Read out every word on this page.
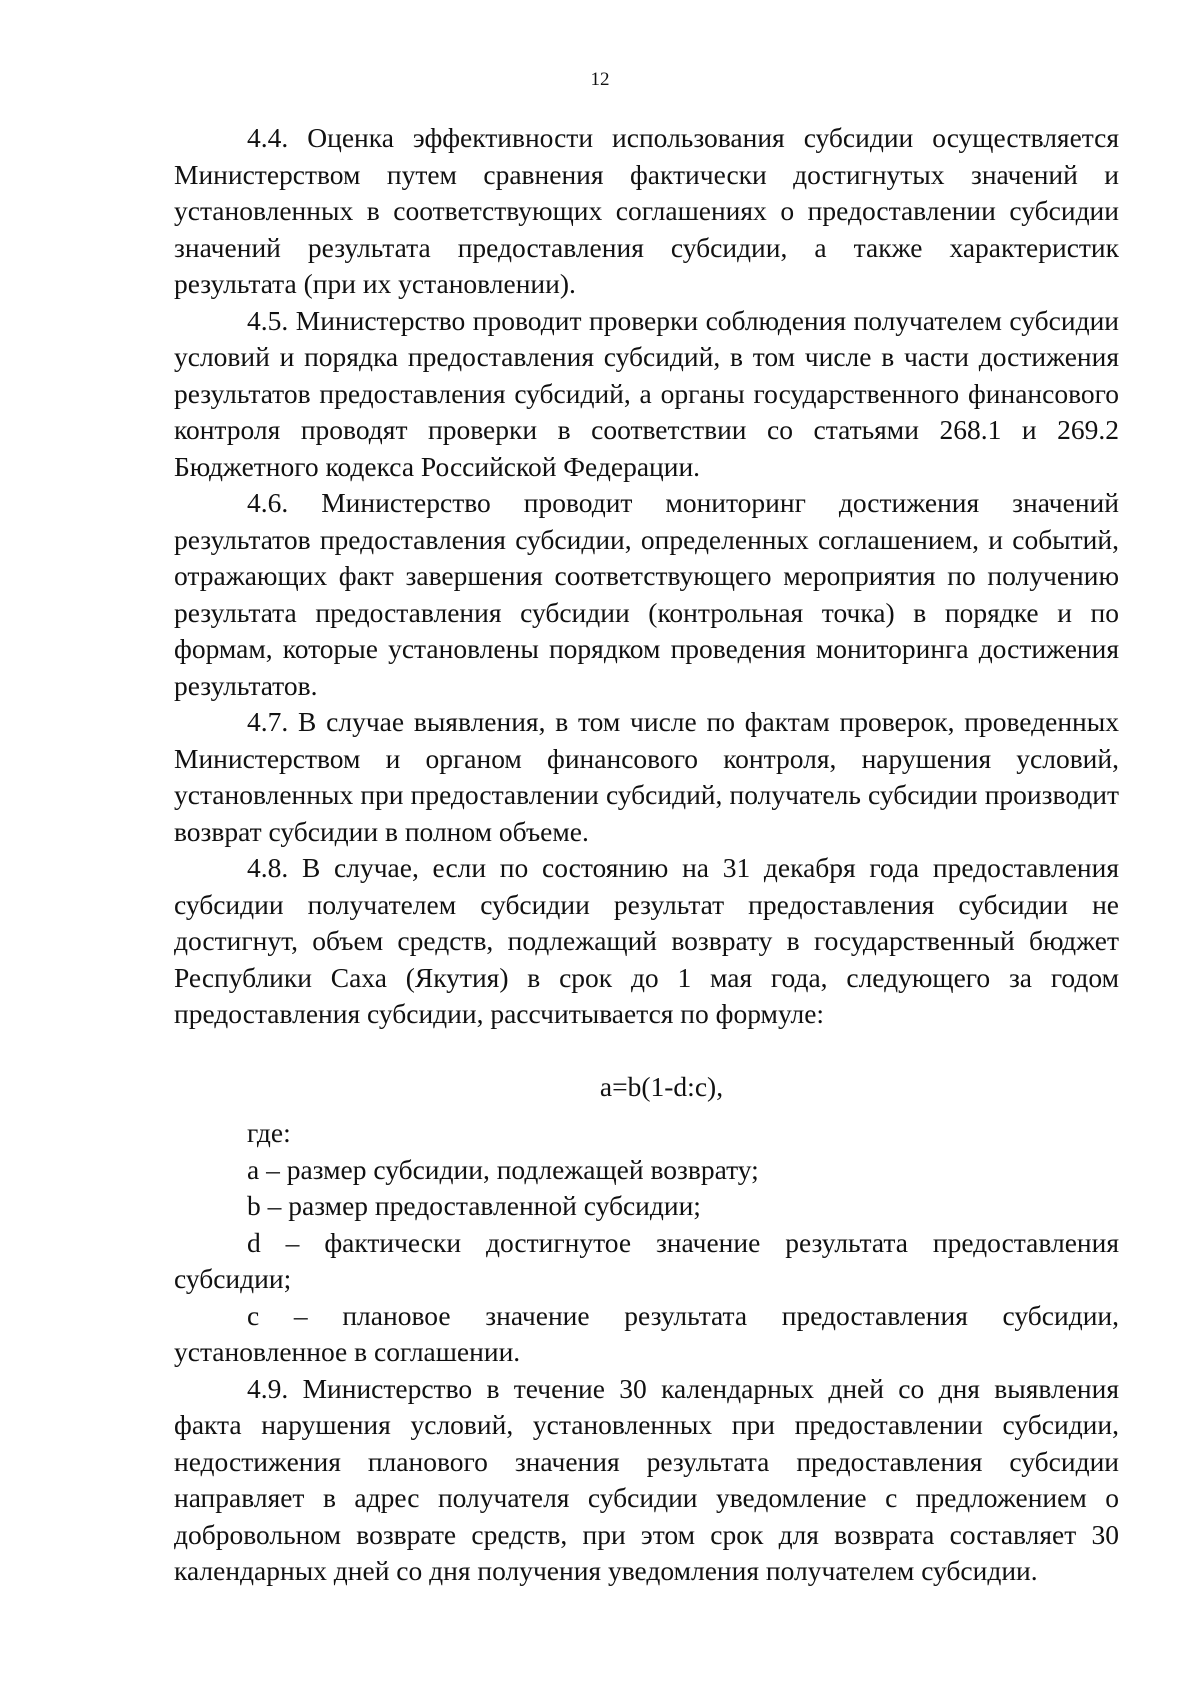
12

4.4. Оценка эффективности использования субсидии осуществляется Министерством путем сравнения фактически достигнутых значений и установленных в соответствующих соглашениях о предоставлении субсидии значений результата предоставления субсидии, а также характеристик результата (при их установлении).

4.5. Министерство проводит проверки соблюдения получателем субсидии условий и порядка предоставления субсидий, в том числе в части достижения результатов предоставления субсидий, а органы государственного финансового контроля проводят проверки в соответствии со статьями 268.1 и 269.2 Бюджетного кодекса Российской Федерации.

4.6. Министерство проводит мониторинг достижения значений результатов предоставления субсидии, определенных соглашением, и событий, отражающих факт завершения соответствующего мероприятия по получению результата предоставления субсидии (контрольная точка) в порядке и по формам, которые установлены порядком проведения мониторинга достижения результатов.

4.7. В случае выявления, в том числе по фактам проверок, проведенных Министерством и органом финансового контроля, нарушения условий, установленных при предоставлении субсидий, получатель субсидии производит возврат субсидии в полном объеме.

4.8. В случае, если по состоянию на 31 декабря года предоставления субсидии получателем субсидии результат предоставления субсидии не достигнут, объем средств, подлежащий возврату в государственный бюджет Республики Саха (Якутия) в срок до 1 мая года, следующего за годом предоставления субсидии, рассчитывается по формуле:

a=b(1-d:c),

где:

a – размер субсидии, подлежащей возврату;

b – размер предоставленной субсидии;

d – фактически достигнутое значение результата предоставления субсидии;

c – плановое значение результата предоставления субсидии, установленное в соглашении.

4.9. Министерство в течение 30 календарных дней со дня выявления факта нарушения условий, установленных при предоставлении субсидии, недостижения планового значения результата предоставления субсидии направляет в адрес получателя субсидии уведомление с предложением о добровольном возврате средств, при этом срок для возврата составляет 30 календарных дней со дня получения уведомления получателем субсидии.
